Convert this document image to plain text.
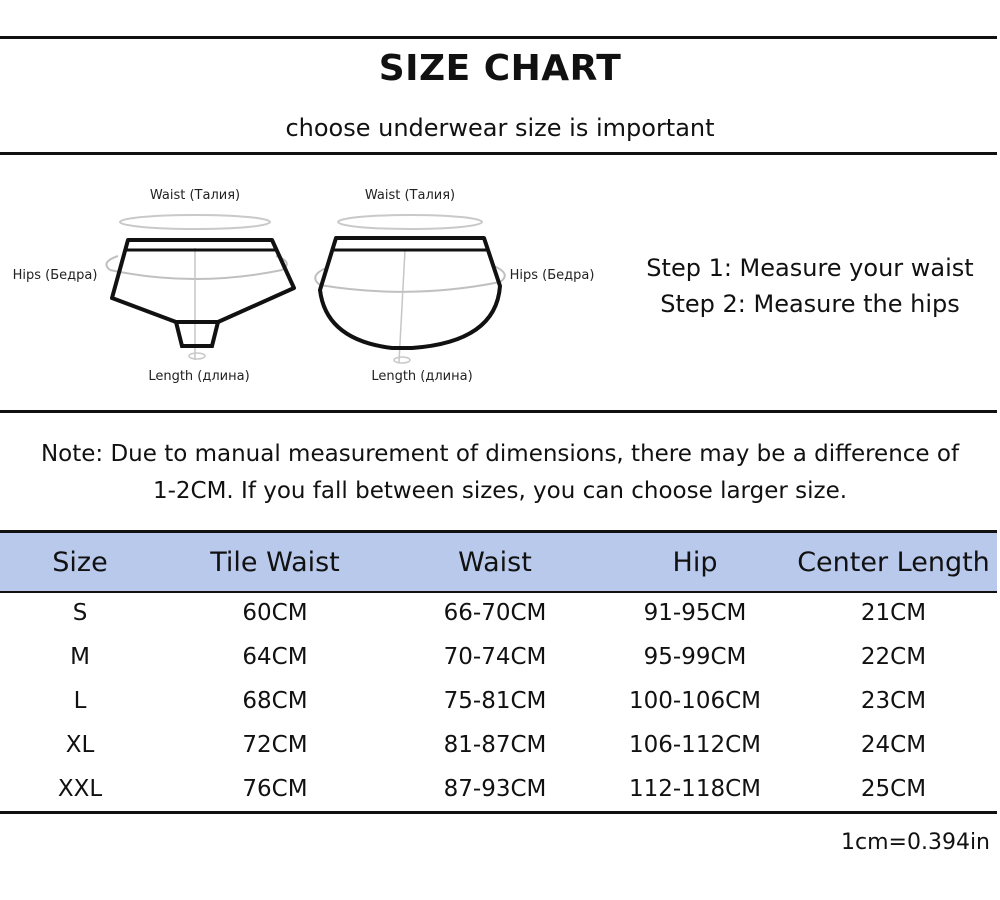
SIZE CHART
choose underwear size is important
Waist (Талия)
Hips (Бедра)
Length (длина)
Waist (Талия)
Hips (Бедра)
Length (длина)
Step 1: Measure your waist
Step 2: Measure the hips
Note: Due to manual measurement of dimensions, there may be a difference of
1-2CM. If you fall between sizes, you can choose larger size.
Size	Tile Waist	Waist	Hip	Center Length
S	60CM	66-70CM	91-95CM	21CM
M	64CM	70-74CM	95-99CM	22CM
L	68CM	75-81CM	100-106CM	23CM
XL	72CM	81-87CM	106-112CM	24CM
XXL	76CM	87-93CM	112-118CM	25CM
1cm=0.394in
